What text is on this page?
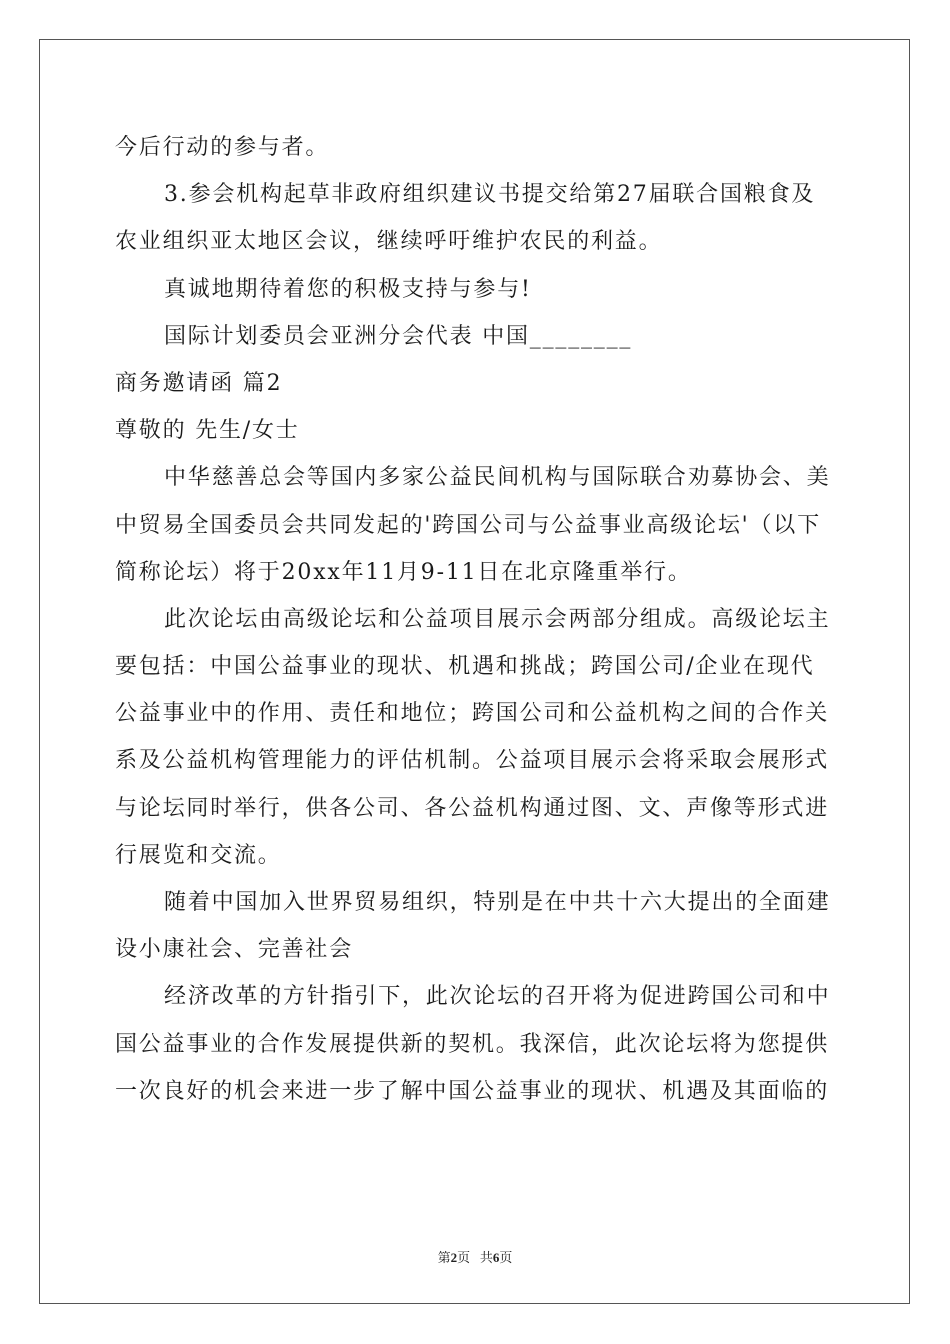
今后行动的参与者。
3.参会机构起草非政府组织建议书提交给第27届联合国粮食及
农业组织亚太地区会议，继续呼吁维护农民的利益。
真诚地期待着您的积极支持与参与!
国际计划委员会亚洲分会代表 中国________
商务邀请函 篇2
尊敬的 先生/女士
中华慈善总会等国内多家公益民间机构与国际联合劝募协会、美
中贸易全国委员会共同发起的'跨国公司与公益事业高级论坛'（以下
简称论坛）将于20xx年11月9-11日在北京隆重举行。
此次论坛由高级论坛和公益项目展示会两部分组成。高级论坛主
要包括：中国公益事业的现状、机遇和挑战；跨国公司/企业在现代
公益事业中的作用、责任和地位；跨国公司和公益机构之间的合作关
系及公益机构管理能力的评估机制。公益项目展示会将采取会展形式
与论坛同时举行，供各公司、各公益机构通过图、文、声像等形式进
行展览和交流。
随着中国加入世界贸易组织，特别是在中共十六大提出的全面建
设小康社会、完善社会
经济改革的方针指引下，此次论坛的召开将为促进跨国公司和中
国公益事业的合作发展提供新的契机。我深信，此次论坛将为您提供
一次良好的机会来进一步了解中国公益事业的现状、机遇及其面临的
第2页 共6页
